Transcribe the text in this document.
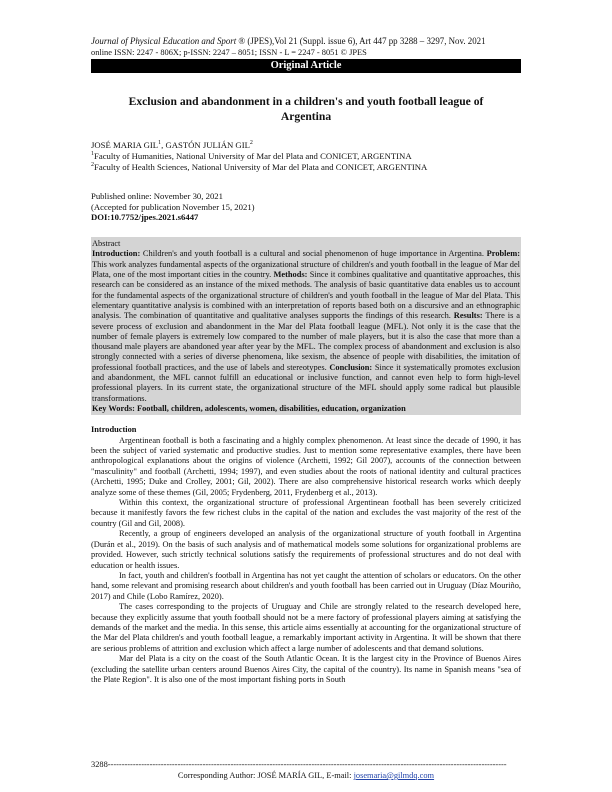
Journal of Physical Education and Sport ® (JPES),Vol 21 (Suppl. issue 6), Art 447 pp 3288 – 3297, Nov. 2021
online ISSN: 2247 - 806X; p-ISSN: 2247 – 8051; ISSN - L = 2247 - 8051 © JPES
Original Article
Exclusion and abandonment in a children's and youth football league of Argentina
JOSÉ MARIA GIL$^1$, GASTÓN JULIÁN GIL$^2$
$^1$Faculty of Humanities, National University of Mar del Plata and CONICET, ARGENTINA
$^2$Faculty of Health Sciences, National University of Mar del Plata and CONICET, ARGENTINA
Published online: November 30, 2021
(Accepted for publication November 15, 2021)
DOI:10.7752/jpes.2021.s6447
Abstract
Introduction: Children's and youth football is a cultural and social phenomenon of huge importance in Argentina. Problem: This work analyzes fundamental aspects of the organizational structure of children's and youth football in the league of Mar del Plata, one of the most important cities in the country. Methods: Since it combines qualitative and quantitative approaches, this research can be considered as an instance of the mixed methods. The analysis of basic quantitative data enables us to account for the fundamental aspects of the organizational structure of children's and youth football in the league of Mar del Plata. This elementary quantitative analysis is combined with an interpretation of reports based both on a discursive and an ethnographic analysis. The combination of quantitative and qualitative analyses supports the findings of this research. Results: There is a severe process of exclusion and abandonment in the Mar del Plata football league (MFL). Not only it is the case that the number of female players is extremely low compared to the number of male players, but it is also the case that more than a thousand male players are abandoned year after year by the MFL. The complex process of abandonment and exclusion is also strongly connected with a series of diverse phenomena, like sexism, the absence of people with disabilities, the imitation of professional football practices, and the use of labels and stereotypes. Conclusion: Since it systematically promotes exclusion and abandonment, the MFL cannot fulfill an educational or inclusive function, and cannot even help to form high-level professional players. In its current state, the organizational structure of the MFL should apply some radical but plausible transformations.
Key Words: Football, children, adolescents, women, disabilities, education, organization
Introduction

Argentinean football is both a fascinating and a highly complex phenomenon. At least since the decade of 1990, it has been the subject of varied systematic and productive studies. Just to mention some representative examples, there have been anthropological explanations about the origins of violence (Archetti, 1992; Gil 2007), accounts of the connection between "masculinity" and football (Archetti, 1994; 1997), and even studies about the roots of national identity and cultural practices (Archetti, 1995; Duke and Crolley, 2001; Gil, 2002). There are also comprehensive historical research works which deeply analyze some of these themes (Gil, 2005; Frydenberg, 2011, Frydenberg et al., 2013).

Within this context, the organizational structure of professional Argentinean football has been severely criticized because it manifestly favors the few richest clubs in the capital of the nation and excludes the vast majority of the rest of the country (Gil and Gil, 2008).

Recently, a group of engineers developed an analysis of the organizational structure of youth football in Argentina (Durán et al., 2019). On the basis of such analysis and of mathematical models some solutions for organizational problems are provided. However, such strictly technical solutions satisfy the requirements of professional structures and do not deal with education or health issues.

In fact, youth and children's football in Argentina has not yet caught the attention of scholars or educators. On the other hand, some relevant and promising research about children's and youth football has been carried out in Uruguay (Díaz Mouriño, 2017) and Chile (Lobo Ramírez, 2020).

The cases corresponding to the projects of Uruguay and Chile are strongly related to the research developed here, because they explicitly assume that youth football should not be a mere factory of professional players aiming at satisfying the demands of the market and the media. In this sense, this article aims essentially at accounting for the organizational structure of the Mar del Plata children's and youth football league, a remarkably important activity in Argentina. It will be shown that there are serious problems of attrition and exclusion which affect a large number of adolescents and that demand solutions.

Mar del Plata is a city on the coast of the South Atlantic Ocean. It is the largest city in the Province of Buenos Aires (excluding the satellite urban centers around Buenos Aires City, the capital of the country). Its name in Spanish means "sea of the Plate Region". It is also one of the most important fishing ports in South

3288-----------------------------------------------------------------------------------------------------------------------------------------------
Corresponding Author: JOSÉ MARÍA GIL, E-mail: josemaria@gilmdq.com
